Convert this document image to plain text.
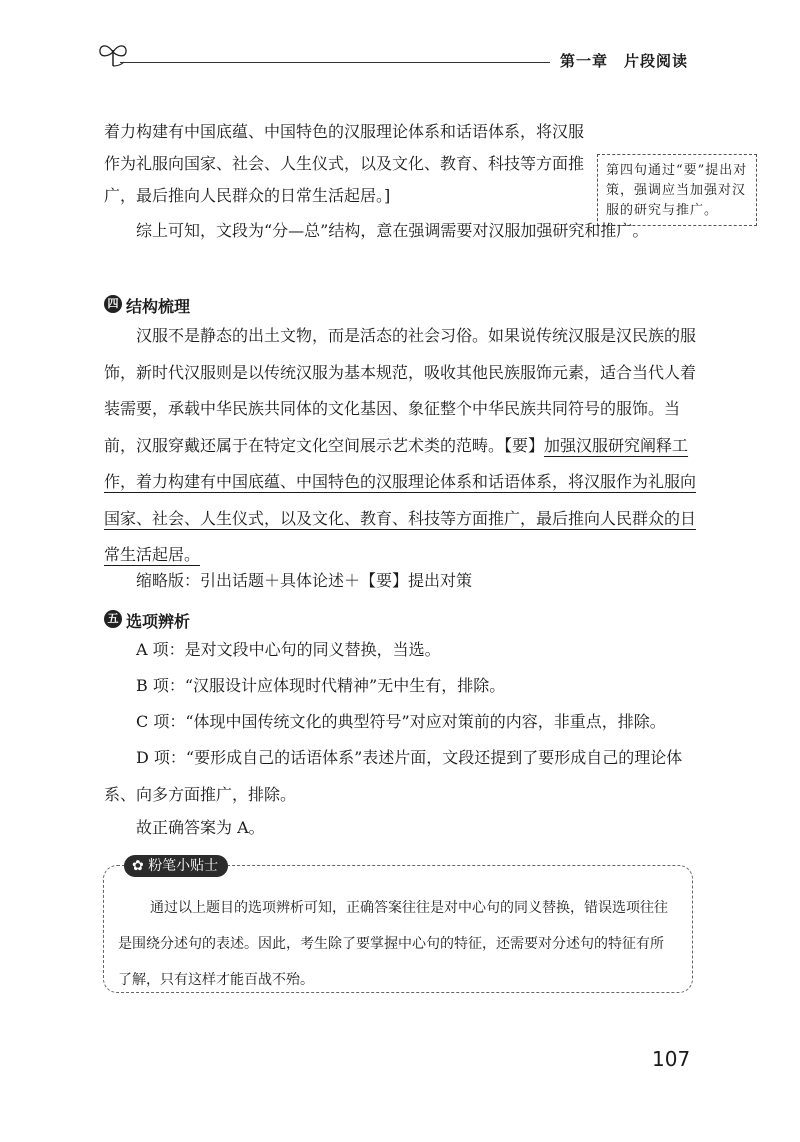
第一章　片段阅读
着力构建有中国底蕴、中国特色的汉服理论体系和话语体系，将汉服
作为礼服向国家、社会、人生仪式，以及文化、教育、科技等方面推
广，最后推向人民群众的日常生活起居。]
第四句通过“要”提出对策，强调应当加强对汉服的研究与推广。
综上可知，文段为“分—总”结构，意在强调需要对汉服加强研究和推广。
四 结构梳理
汉服不是静态的出土文物，而是活态的社会习俗。如果说传统汉服是汉民族的服饰，新时代汉服则是以传统汉服为基本规范，吸收其他民族服饰元素，适合当代人着装需要，承载中华民族共同体的文化基因、象征整个中华民族共同符号的服饰。当前，汉服穿戴还属于在特定文化空间展示艺术类的范畴。【要】加强汉服研究阐释工作，着力构建有中国底蕴、中国特色的汉服理论体系和话语体系，将汉服作为礼服向国家、社会、人生仪式，以及文化、教育、科技等方面推广，最后推向人民群众的日常生活起居。
缩略版：引出话题＋具体论述＋【要】提出对策
五 选项辨析
A 项：是对文段中心句的同义替换，当选。
B 项：“汉服设计应体现时代精神”无中生有，排除。
C 项：“体现中国传统文化的典型符号”对应对策前的内容，非重点，排除。
D 项：“要形成自己的话语体系”表述片面，文段还提到了要形成自己的理论体系、向多方面推广，排除。
故正确答案为 A。
✿ 粉笔小贴士
通过以上题目的选项辨析可知，正确答案往往是对中心句的同义替换，错误选项往往是围绕分述句的表述。因此，考生除了要掌握中心句的特征，还需要对分述句的特征有所了解，只有这样才能百战不殆。
107
